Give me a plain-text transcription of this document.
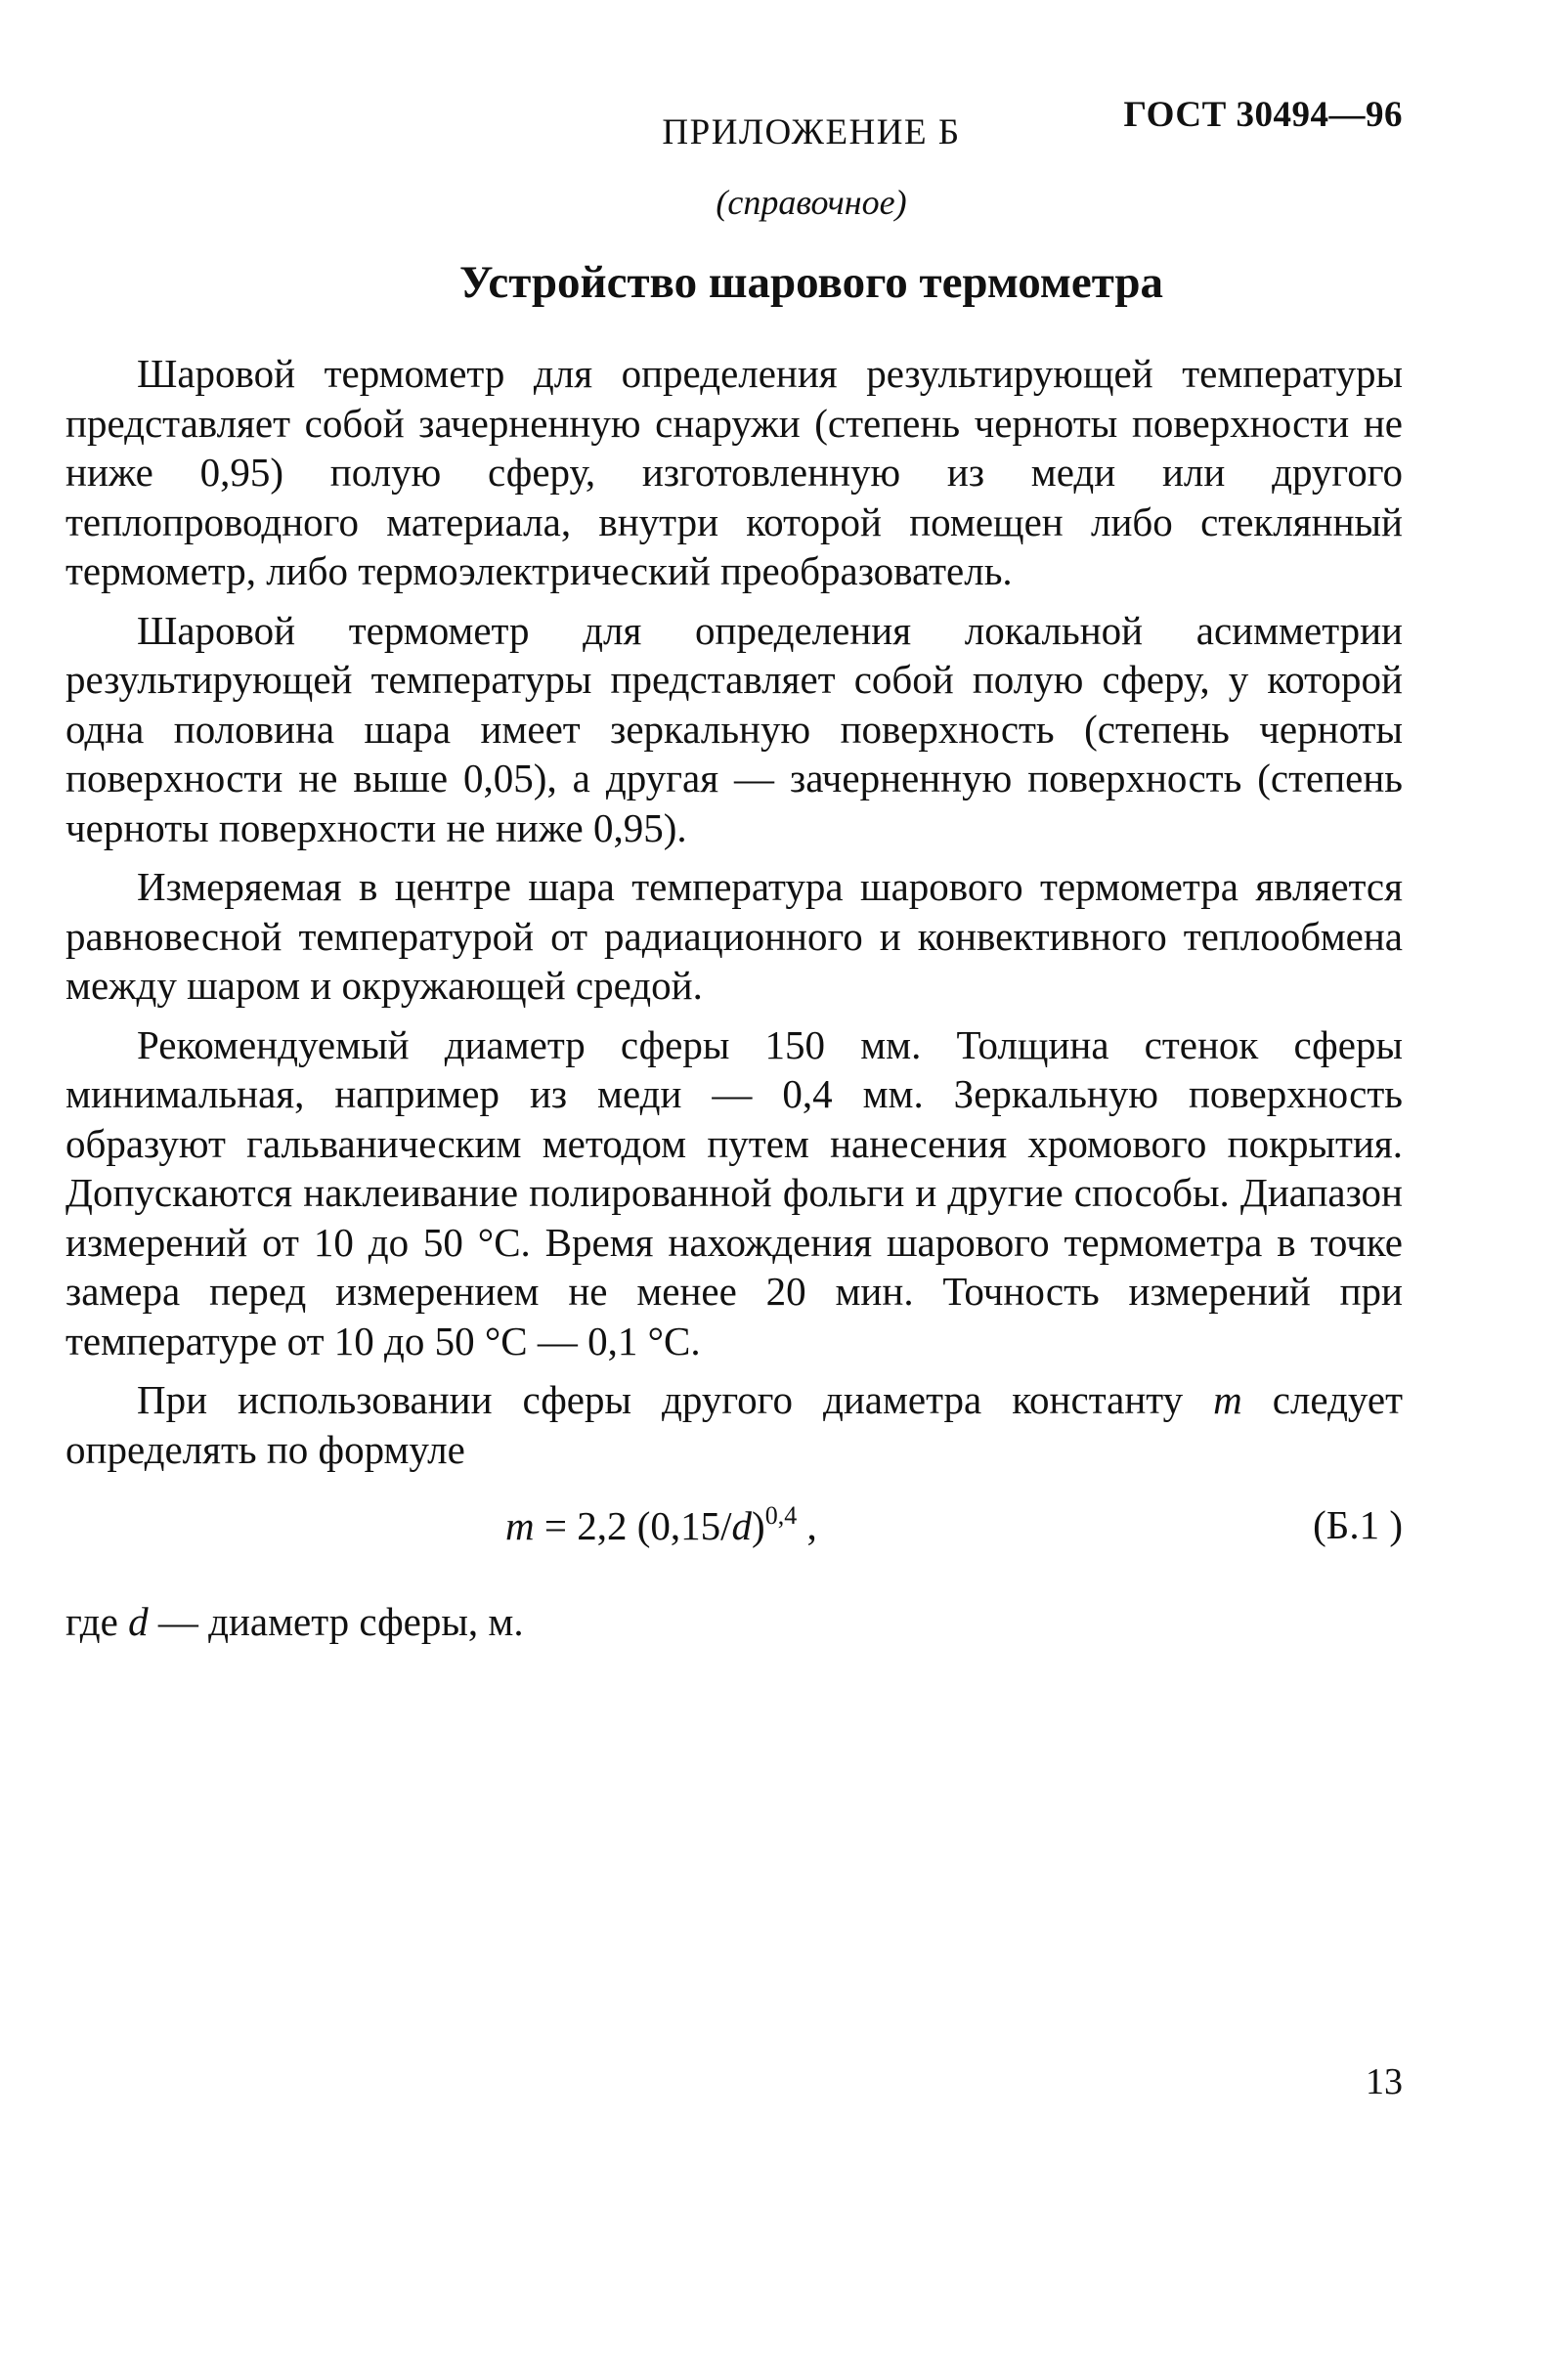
ГОСТ 30494—96
ПРИЛОЖЕНИЕ Б
(справочное)
Устройство шарового термометра

Шаровой термометр для определения результирующей температуры представляет собой зачерненную снаружи (степень черноты поверхности не ниже 0,95) полую сферу, изготовленную из меди или другого теплопроводного материала, внутри которой помещен либо стеклянный термометр, либо термоэлектрический преобразователь.

Шаровой термометр для определения локальной асимметрии результирующей температуры представляет собой полую сферу, у которой одна половина шара имеет зеркальную поверхность (степень черноты поверхности не выше 0,05), а другая — зачерненную поверхность (степень черноты поверхности не ниже 0,95).

Измеряемая в центре шара температура шарового термометра является равновесной температурой от радиационного и конвективного теплообмена между шаром и окружающей средой.

Рекомендуемый диаметр сферы 150 мм. Толщина стенок сферы минимальная, например из меди — 0,4 мм. Зеркальную поверхность образуют гальваническим методом путем нанесения хромового покрытия. Допускаются наклеивание полированной фольги и другие способы. Диапазон измерений от 10 до 50 °С. Время нахождения шарового термометра в точке замера перед измерением не менее 20 мин. Точность измерений при температуре от 10 до 50 °С — 0,1 °С.

При использовании сферы другого диаметра константу m следует определять по формуле

m = 2,2 $(0,15/d)^{0,4}$ ,	(Б.1 )
где d — диаметр сферы, м.
13
